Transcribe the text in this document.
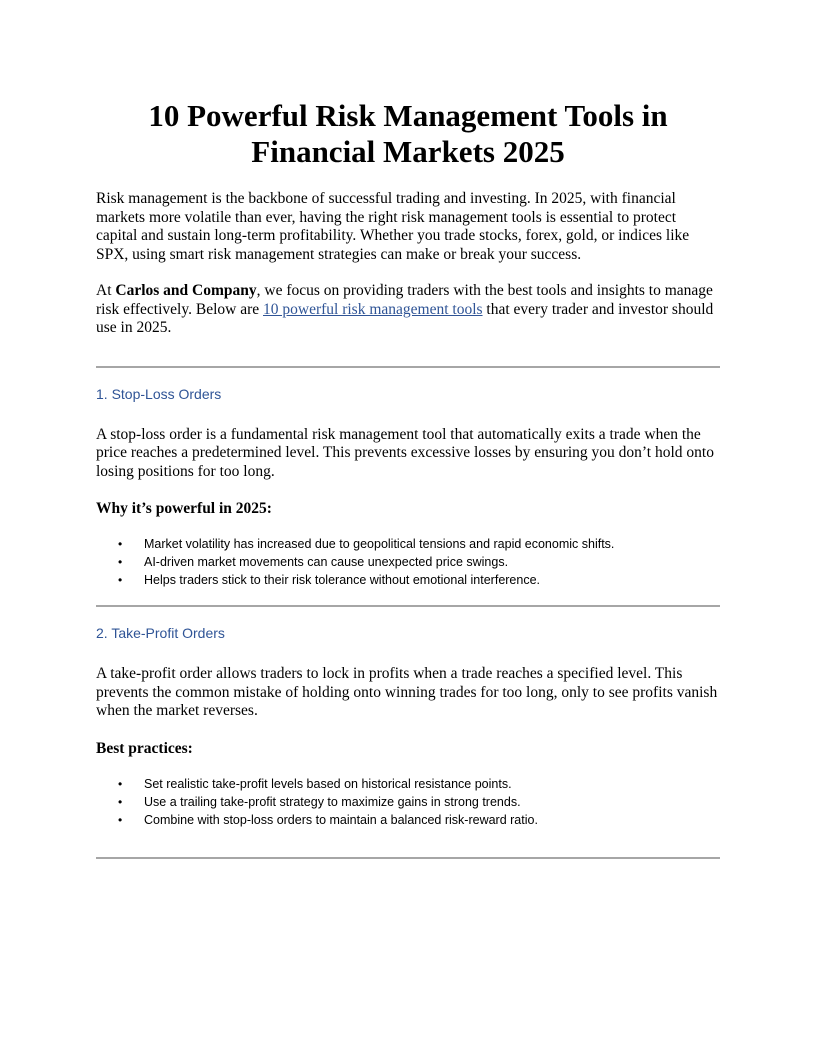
10 Powerful Risk Management Tools in Financial Markets 2025

Risk management is the backbone of successful trading and investing. In 2025, with financial markets more volatile than ever, having the right risk management tools is essential to protect capital and sustain long-term profitability. Whether you trade stocks, forex, gold, or indices like SPX, using smart risk management strategies can make or break your success.

At Carlos and Company, we focus on providing traders with the best tools and insights to manage risk effectively. Below are 10 powerful risk management tools that every trader and investor should use in 2025.

1. Stop-Loss Orders

A stop-loss order is a fundamental risk management tool that automatically exits a trade when the price reaches a predetermined level. This prevents excessive losses by ensuring you don’t hold onto losing positions for too long.

Why it’s powerful in 2025:

• Market volatility has increased due to geopolitical tensions and rapid economic shifts.
• AI-driven market movements can cause unexpected price swings.
• Helps traders stick to their risk tolerance without emotional interference.
2. Take-Profit Orders

A take-profit order allows traders to lock in profits when a trade reaches a specified level. This prevents the common mistake of holding onto winning trades for too long, only to see profits vanish when the market reverses.

Best practices:

• Set realistic take-profit levels based on historical resistance points.
• Use a trailing take-profit strategy to maximize gains in strong trends.
• Combine with stop-loss orders to maintain a balanced risk-reward ratio.
